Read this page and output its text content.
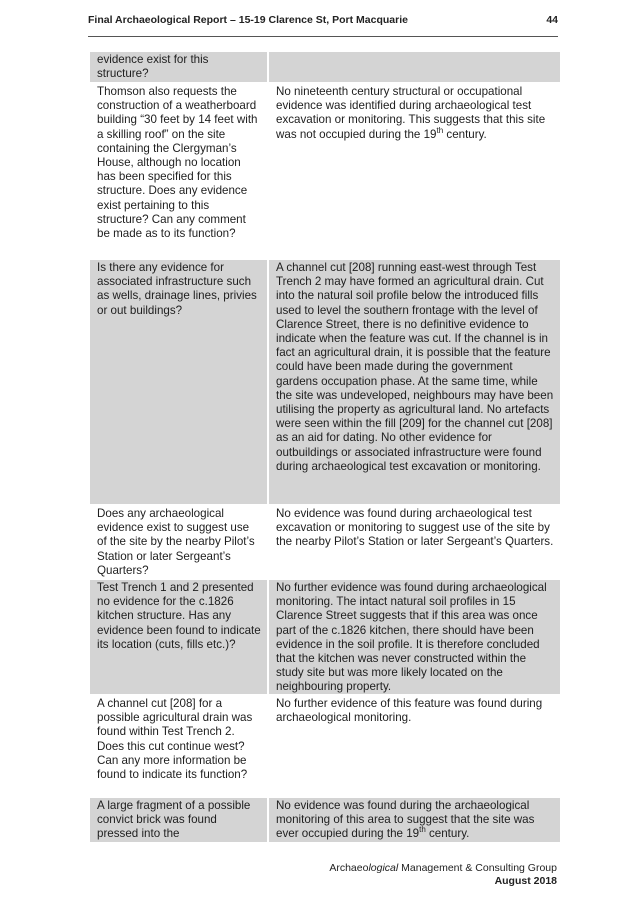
Final Archaeological Report – 15-19 Clarence St, Port Macquarie	44
evidence exist for this structure?
Thomson also requests the construction of a weatherboard building “30 feet by 14 feet with a skilling roof” on the site containing the Clergyman’s House, although no location has been specified for this structure. Does any evidence exist pertaining to this structure? Can any comment be made as to its function?
No nineteenth century structural or occupational evidence was identified during archaeological test excavation or monitoring. This suggests that this site was not occupied during the 19th century.
Is there any evidence for associated infrastructure such as wells, drainage lines, privies or out buildings?
A channel cut [208] running east-west through Test Trench 2 may have formed an agricultural drain. Cut into the natural soil profile below the introduced fills used to level the southern frontage with the level of Clarence Street, there is no definitive evidence to indicate when the feature was cut. If the channel is in fact an agricultural drain, it is possible that the feature could have been made during the government gardens occupation phase. At the same time, while the site was undeveloped, neighbours may have been utilising the property as agricultural land. No artefacts were seen within the fill [209] for the channel cut [208] as an aid for dating. No other evidence for outbuildings or associated infrastructure were found during archaeological test excavation or monitoring.
Does any archaeological evidence exist to suggest use of the site by the nearby Pilot’s Station or later Sergeant’s Quarters?
No evidence was found during archaeological test excavation or monitoring to suggest use of the site by the nearby Pilot’s Station or later Sergeant’s Quarters.
Test Trench 1 and 2 presented no evidence for the c.1826 kitchen structure. Has any evidence been found to indicate its location (cuts, fills etc.)?
No further evidence was found during archaeological monitoring. The intact natural soil profiles in 15 Clarence Street suggests that if this area was once part of the c.1826 kitchen, there should have been evidence in the soil profile. It is therefore concluded that the kitchen was never constructed within the study site but was more likely located on the neighbouring property.
A channel cut [208] for a possible agricultural drain was found within Test Trench 2. Does this cut continue west? Can any more information be found to indicate its function?
No further evidence of this feature was found during archaeological monitoring.
A large fragment of a possible convict brick was found pressed into the
No evidence was found during the archaeological monitoring of this area to suggest that the site was ever occupied during the 19th century.
Archaeological Management & Consulting Group
August 2018
